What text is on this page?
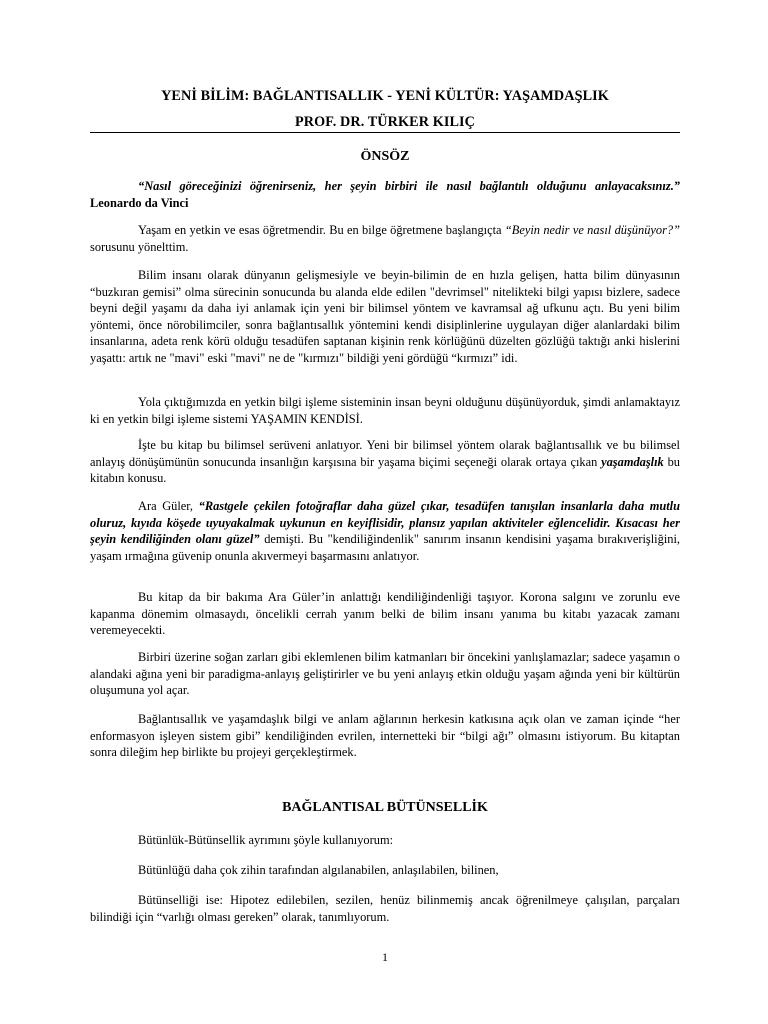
YENİ BİLİM: BAĞLANTISALLIK - YENİ KÜLTÜR: YAŞAMDAŞLIK
PROF. DR. TÜRKER KILIÇ
ÖNSÖZ

“Nasıl göreceğinizi öğrenirseniz, her şeyin birbiri ile nasıl bağlantılı olduğunu anlayacaksınız.” Leonardo da Vinci

Yaşam en yetkin ve esas öğretmendir. Bu en bilge öğretmene başlangıçta “Beyin nedir ve nasıl düşünüyor?” sorusunu yönelttim.

Bilim insanı olarak dünyanın gelişmesiyle ve beyin-bilimin de en hızla gelişen, hatta bilim dünyasının “buzkıran gemisi” olma sürecinin sonucunda bu alanda elde edilen "devrimsel" nitelikteki bilgi yapısı bizlere, sadece beyni değil yaşamı da daha iyi anlamak için yeni bir bilimsel yöntem ve kavramsal ağ ufkunu açtı. Bu yeni bilim yöntemi, önce nörobilimciler, sonra bağlantısallık yöntemini kendi disiplinlerine uygulayan diğer alanlardaki bilim insanlarına, adeta renk körü olduğu tesadüfen saptanan kişinin renk körlüğünü düzelten gözlüğü taktığı anki hislerini yaşattı: artık ne "mavi" eski "mavi" ne de "kırmızı" bildiği yeni gördüğü “kırmızı” idi.

Yola çıktığımızda en yetkin bilgi işleme sisteminin insan beyni olduğunu düşünüyorduk, şimdi anlamaktayız ki en yetkin bilgi işleme sistemi YAŞAMIN KENDİSİ.

İşte bu kitap bu bilimsel serüveni anlatıyor. Yeni bir bilimsel yöntem olarak bağlantısallık ve bu bilimsel anlayış dönüşümünün sonucunda insanlığın karşısına bir yaşama biçimi seçeneği olarak ortaya çıkan yaşamdaşlık bu kitabın konusu.

Ara Güler, “Rastgele çekilen fotoğraflar daha güzel çıkar, tesadüfen tanışılan insanlarla daha mutlu oluruz, kıyıda köşede uyuyakalmak uykunun en keyiflisidir, plansız yapılan aktiviteler eğlencelidir. Kısacası her şeyin kendiliğinden olanı güzel” demişti. Bu "kendiliğindenlik" sanırım insanın kendisini yaşama bırakıverişliğini, yaşam ırmağına güvenip onunla akıvermeyi başarmasını anlatıyor.

Bu kitap da bir bakıma Ara Güler’in anlattığı kendiliğindenliği taşıyor. Korona salgını ve zorunlu eve kapanma dönemim olmasaydı, öncelikli cerrah yanım belki de bilim insanı yanıma bu kitabı yazacak zamanı veremeyecekti.

Birbiri üzerine soğan zarları gibi eklemlenen bilim katmanları bir öncekini yanlışlamazlar; sadece yaşamın o alandaki ağına yeni bir paradigma-anlayış geliştirirler ve bu yeni anlayış etkin olduğu yaşam ağında yeni bir kültürün oluşumuna yol açar.

Bağlantısallık ve yaşamdaşlık bilgi ve anlam ağlarının herkesin katkısına açık olan ve zaman içinde “her enformasyon işleyen sistem gibi” kendiliğinden evrilen, internetteki bir “bilgi ağı” olmasını istiyorum. Bu kitaptan sonra dileğim hep birlikte bu projeyi gerçekleştirmek.

BAĞLANTISAL BÜTÜNSELLİK

Bütünlük-Bütünsellik ayrımını şöyle kullanıyorum:

Bütünlüğü daha çok zihin tarafından algılanabilen, anlaşılabilen, bilinen,

Bütünselliği ise: Hipotez edilebilen, sezilen, henüz bilinmemiş ancak öğrenilmeye çalışılan, parçaları bilindiği için “varlığı olması gereken” olarak, tanımlıyorum.

1
